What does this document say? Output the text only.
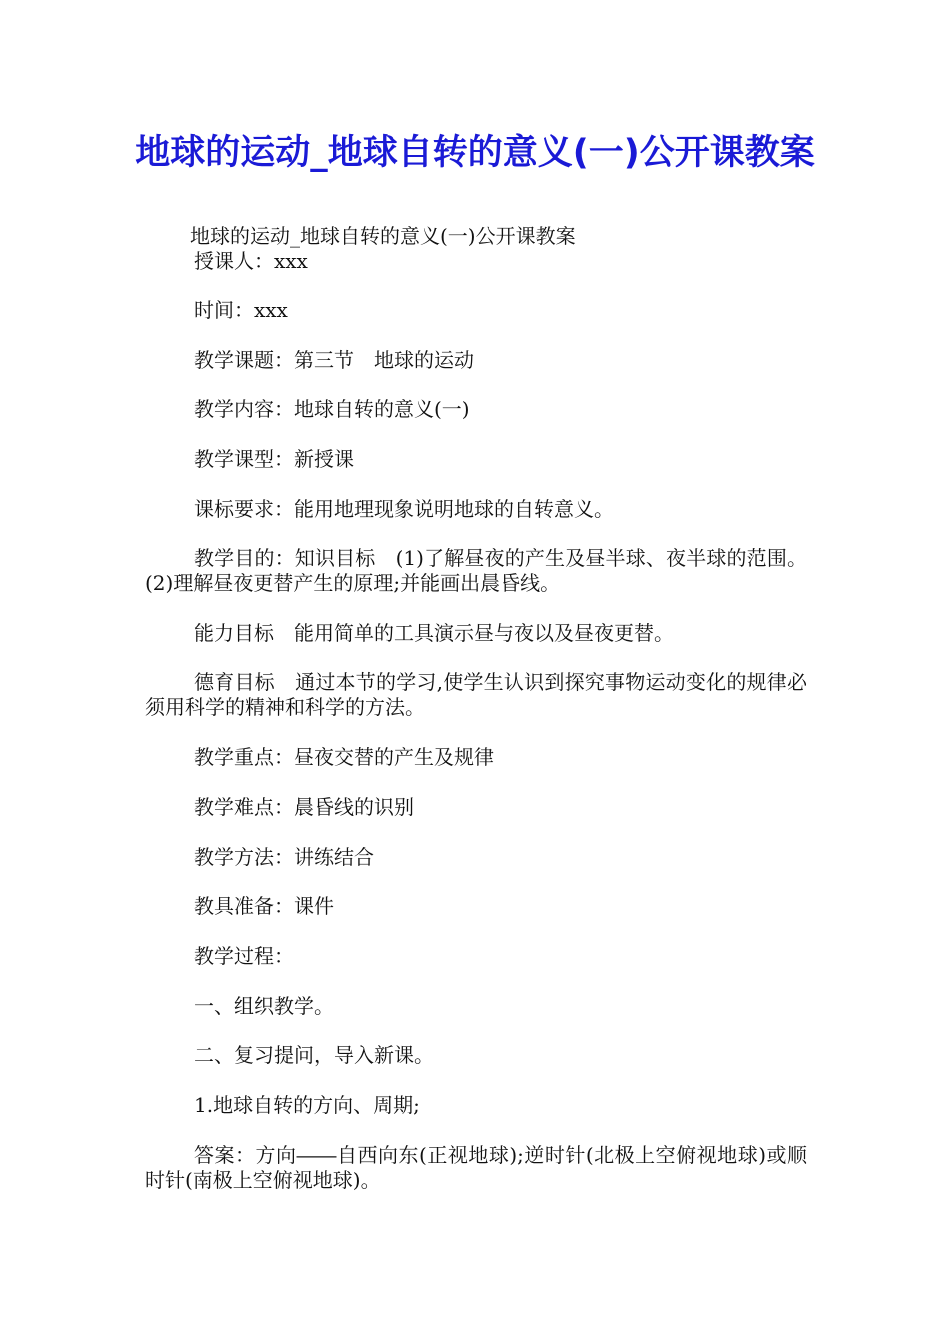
地球的运动_地球自转的意义(一)公开课教案

地球的运动_地球自转的意义(一)公开课教案

授课人：xxx

时间：xxx

教学课题：第三节　地球的运动

教学内容：地球自转的意义(一)

教学课型：新授课

课标要求：能用地理现象说明地球的自转意义。

教学目的：知识目标　(1)了解昼夜的产生及昼半球、夜半球的范围。(2)理解昼夜更替产生的原理;并能画出晨昏线。

能力目标　能用简单的工具演示昼与夜以及昼夜更替。

德育目标　通过本节的学习,使学生认识到探究事物运动变化的规律必须用科学的精神和科学的方法。

教学重点：昼夜交替的产生及规律

教学难点：晨昏线的识别

教学方法：讲练结合

教具准备：课件

教学过程：

一、组织教学。

二、复习提问，导入新课。

1.地球自转的方向、周期;

答案：方向――自西向东(正视地球);逆时针(北极上空俯视地球)或顺时针(南极上空俯视地球)。
